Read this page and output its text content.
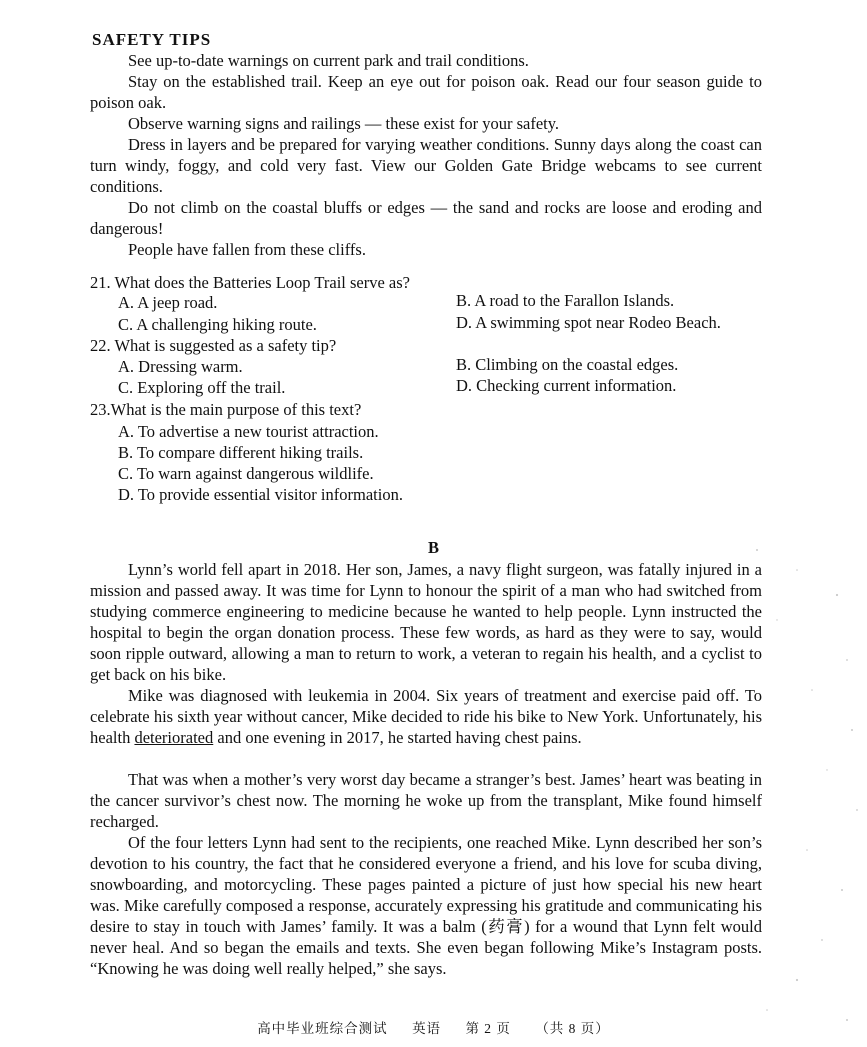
SAFETY TIPS
See up-to-date warnings on current park and trail conditions.
Stay on the established trail. Keep an eye out for poison oak. Read our four season guide to poison oak.
Observe warning signs and railings — these exist for your safety.
Dress in layers and be prepared for varying weather conditions. Sunny days along the coast can turn windy, foggy, and cold very fast. View our Golden Gate Bridge webcams to see current conditions.
Do not climb on the coastal bluffs or edges — the sand and rocks are loose and eroding and dangerous!
People have fallen from these cliffs.
21. What does the Batteries Loop Trail serve as?
A. A jeep road.	B. A road to the Farallon Islands.
C. A challenging hiking route.	D. A swimming spot near Rodeo Beach.
22. What is suggested as a safety tip?
A. Dressing warm.	B. Climbing on the coastal edges.
C. Exploring off the trail.	D. Checking current information.
23.What is the main purpose of this text?
A. To advertise a new tourist attraction.
B. To compare different hiking trails.
C. To warn against dangerous wildlife.
D. To provide essential visitor information.
B
Lynn’s world fell apart in 2018. Her son, James, a navy flight surgeon, was fatally injured in a mission and passed away. It was time for Lynn to honour the spirit of a man who had switched from studying commerce engineering to medicine because he wanted to help people. Lynn instructed the hospital to begin the organ donation process. These few words, as hard as they were to say, would soon ripple outward, allowing a man to return to work, a veteran to regain his health, and a cyclist to get back on his bike.
Mike was diagnosed with leukemia in 2004. Six years of treatment and exercise paid off. To celebrate his sixth year without cancer, Mike decided to ride his bike to New York. Unfortunately, his health deteriorated and one evening in 2017, he started having chest pains.
That was when a mother’s very worst day became a stranger’s best. James’ heart was beating in the cancer survivor’s chest now. The morning he woke up from the transplant, Mike found himself recharged.
Of the four letters Lynn had sent to the recipients, one reached Mike. Lynn described her son’s devotion to his country, the fact that he considered everyone a friend, and his love for scuba diving, snowboarding, and motorcycling. These pages painted a picture of just how special his new heart was. Mike carefully composed a response, accurately expressing his gratitude and communicating his desire to stay in touch with James’ family. It was a balm (药膏) for a wound that Lynn felt would never heal. And so began the emails and texts. She even began following Mike’s Instagram posts. “Knowing he was doing well really helped,” she says.
高中毕业班综合测试 英语 第 2 页 （共 8 页）
